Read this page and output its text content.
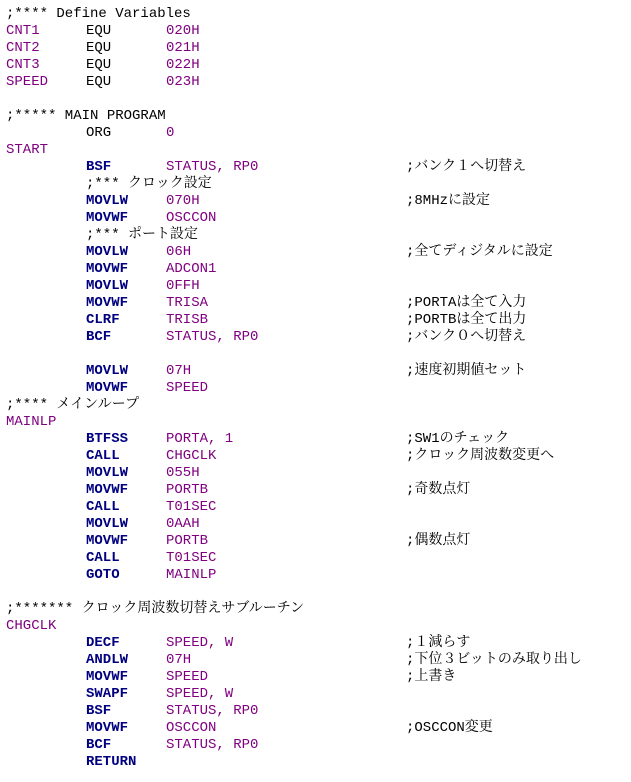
;**** Define Variables
CNT1	EQU	020H
CNT2	EQU	021H
CNT3	EQU	022H
SPEED	EQU	023H
;***** MAIN PROGRAM
ORG	0
START
BSF	STATUS, RP0	;バンク１へ切替え
;*** クロック設定
MOVLW	070H	;8MHzに設定
MOVWF	OSCCON
;*** ポート設定
MOVLW	06H	;全てディジタルに設定
MOVWF	ADCON1
MOVLW	0FFH
MOVWF	TRISA	;PORTAは全て入力
CLRF	TRISB	;PORTBは全て出力
BCF	STATUS, RP0	;バンク０へ切替え
MOVLW	07H	;速度初期値セット
MOVWF	SPEED
;**** メインループ
MAINLP
BTFSS	PORTA, 1	;SW1のチェック
CALL	CHGCLK	;クロック周波数変更へ
MOVLW	055H
MOVWF	PORTB	;奇数点灯
CALL	T01SEC
MOVLW	0AAH
MOVWF	PORTB	;偶数点灯
CALL	T01SEC
GOTO	MAINLP
;******* クロック周波数切替えサブルーチン
CHGCLK
DECF	SPEED, W	;１減らす
ANDLW	07H	;下位３ビットのみ取り出し
MOVWF	SPEED	;上書き
SWAPF	SPEED, W
BSF	STATUS, RP0
MOVWF	OSCCON	;OSCCON変更
BCF	STATUS, RP0
RETURN
